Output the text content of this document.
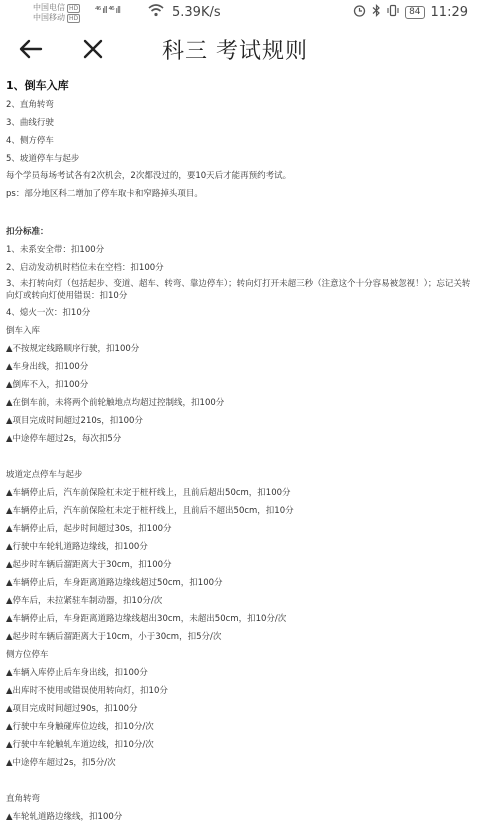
中国电信 HD
中国移动 HD
⁴⁶ ıll ⁴⁶ ıll	5.39K/s	84 11:29
科三 考试规则
1、倒车入库
2、直角转弯
3、曲线行驶
4、侧方停车
5、坡道停车与起步
每个学员每场考试各有2次机会，2次都没过的，要10天后才能再预约考试。
ps：部分地区科二增加了停车取卡和窄路掉头项目。
扣分标准：
1、未系安全带：扣100分
2、启动发动机时档位未在空档：扣100分
3、未打转向灯（包括起步、变道、超车、转弯、靠边停车）；转向灯打开未超三秒（注意这个十分容易被忽视！）；忘记关转向灯或转向灯使用错误：扣10分
4、熄火一次：扣10分
倒车入库
▲不按规定线路顺序行驶，扣100分
▲车身出线，扣100分
▲倒库不入，扣100分
▲在倒车前，未将两个前轮触地点均超过控制线，扣100分
▲项目完成时间超过210s，扣100分
▲中途停车超过2s，每次扣5分
坡道定点停车与起步
▲车辆停止后，汽车前保险杠未定于桩杆线上，且前后超出50cm，扣100分
▲车辆停止后，汽车前保险杠未定于桩杆线上，且前后不超出50cm，扣10分
▲车辆停止后，起步时间超过30s，扣100分
▲行驶中车轮轧道路边缘线，扣100分
▲起步时车辆后溜距离大于30cm，扣100分
▲车辆停止后，车身距离道路边缘线超过50cm，扣100分
▲停车后，未拉紧驻车制动器，扣10分/次
▲车辆停止后，车身距离道路边缘线超出30cm，未超出50cm，扣10分/次
▲起步时车辆后溜距离大于10cm，小于30cm，扣5分/次
侧方位停车
▲车辆入库停止后车身出线，扣100分
▲出库时不使用或错误使用转向灯，扣10分
▲项目完成时间超过90s，扣100分
▲行驶中车身触碰库位边线，扣10分/次
▲行驶中车轮触轧车道边线，扣10分/次
▲中途停车超过2s，扣5分/次
直角转弯
▲车轮轧道路边缘线，扣100分
